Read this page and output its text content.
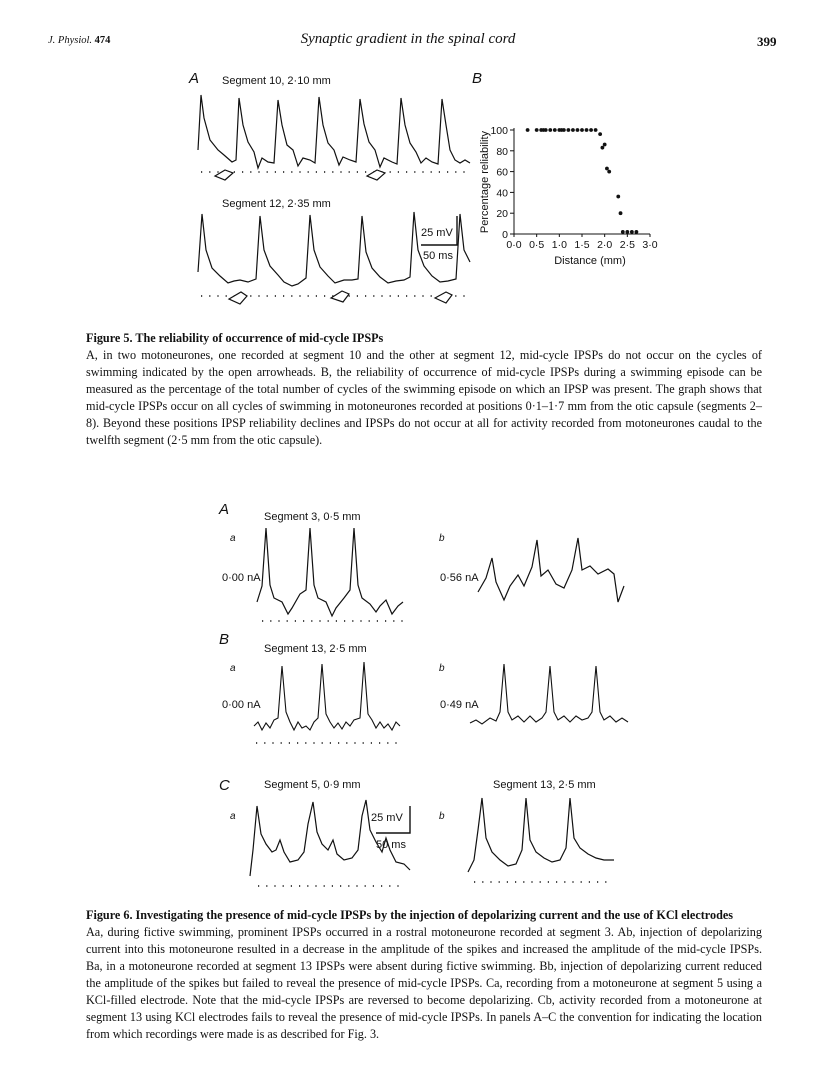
J. Physiol. 474	Synaptic gradient in the spinal cord	399
A	B
Segment 10, 2·10 mm
Segment 12, 2·35 mm
25 mV
50 ms
0
20
40
60
80
100
0·0 0·5 1·0 1·5 2·0 2·5 3·0
Distance (mm)
Percentage reliability
Figure 5. The reliability of occurrence of mid-cycle IPSPs
A, in two motoneurones, one recorded at segment 10 and the other at segment 12, mid-cycle IPSPs do not occur on the cycles of swimming indicated by the open arrowheads. B, the reliability of occurrence of mid-cycle IPSPs during a swimming episode can be measured as the percentage of the total number of cycles of the swimming episode on which an IPSP was present. The graph shows that mid-cycle IPSPs occur on all cycles of swimming in motoneurones recorded at positions 0·1–1·7 mm from the otic capsule (segments 2–8). Beyond these positions IPSP reliability declines and IPSPs do not occur at all for activity recorded from motoneurones caudal to the twelfth segment (2·5 mm from the otic capsule).
A	Segment 3, 0·5 mm
a
0·00 nA
b
0·56 nA
B
Segment 13, 2·5 mm
a
0·00 nA
b
0·49 nA
C	Segment 5, 0·9 mm	Segment 13, 2·5 mm
a	b
25 mV
50 ms
Figure 6. Investigating the presence of mid-cycle IPSPs by the injection of depolarizing current and the use of KCl electrodes
Aa, during fictive swimming, prominent IPSPs occurred in a rostral motoneurone recorded at segment 3. Ab, injection of depolarizing current into this motoneurone resulted in a decrease in the amplitude of the spikes and increased the amplitude of the mid-cycle IPSPs. Ba, in a motoneurone recorded at segment 13 IPSPs were absent during fictive swimming. Bb, injection of depolarizing current reduced the amplitude of the spikes but failed to reveal the presence of mid-cycle IPSPs. Ca, recording from a motoneurone at segment 5 using a KCl-filled electrode. Note that the mid-cycle IPSPs are reversed to become depolarizing. Cb, activity recorded from a motoneurone at segment 13 using KCl electrodes fails to reveal the presence of mid-cycle IPSPs. In panels A–C the convention for indicating the location from which recordings were made is as described for Fig. 3.
